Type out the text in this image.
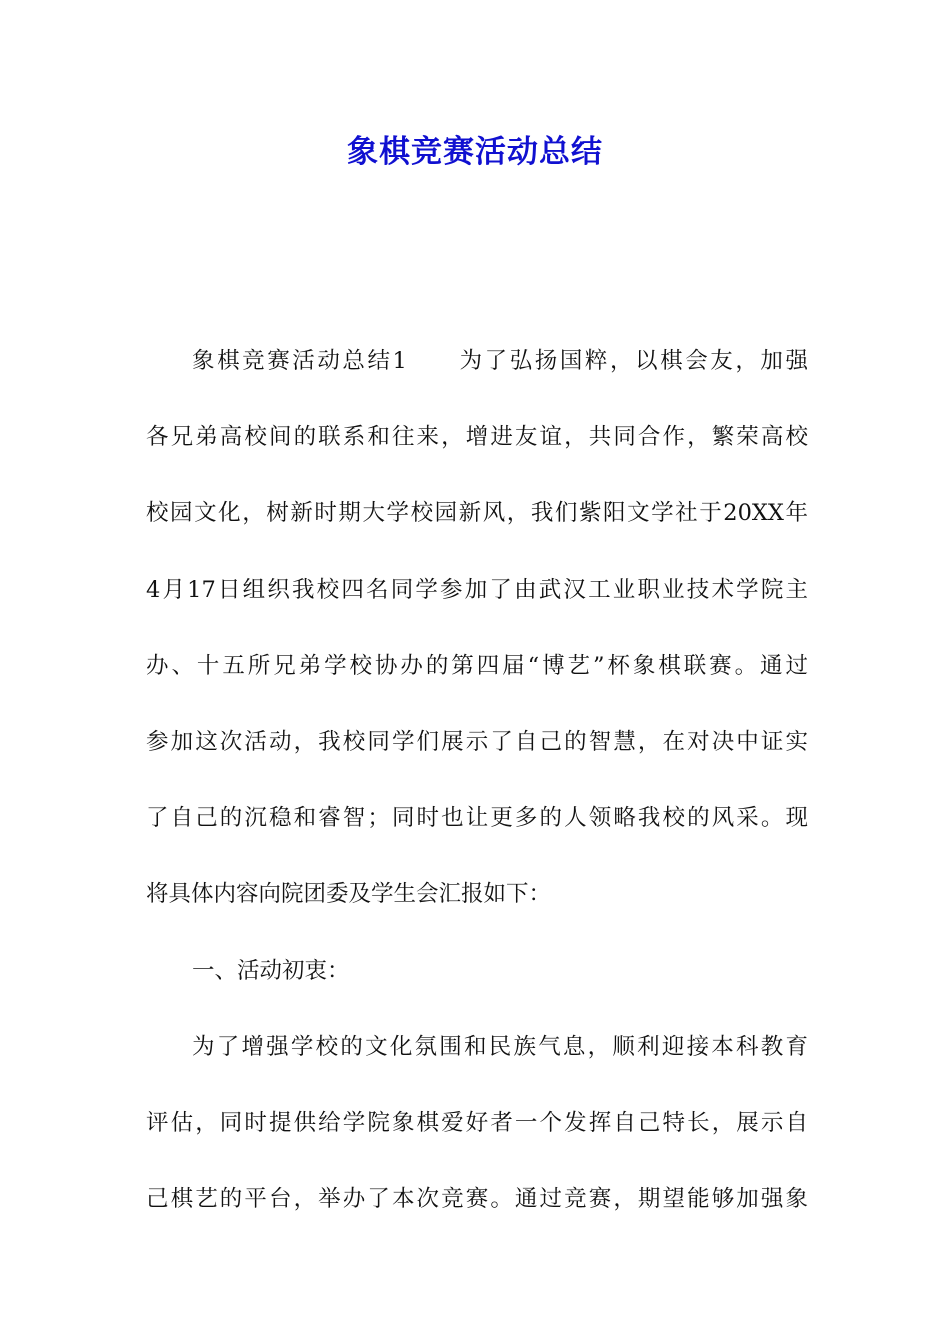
象棋竞赛活动总结
象棋竞赛活动总结1　　为了弘扬国粹，以棋会友，加强
各兄弟高校间的联系和往来，增进友谊，共同合作，繁荣高校
校园文化，树新时期大学校园新风，我们紫阳文学社于20XX年
4月17日组织我校四名同学参加了由武汉工业职业技术学院主
办、十五所兄弟学校协办的第四届“博艺”杯象棋联赛。通过
参加这次活动，我校同学们展示了自己的智慧，在对决中证实
了自己的沉稳和睿智；同时也让更多的人领略我校的风采。现
将具体内容向院团委及学生会汇报如下：
一、活动初衷：
为了增强学校的文化氛围和民族气息，顺利迎接本科教育
评估，同时提供给学院象棋爱好者一个发挥自己特长，展示自
己棋艺的平台，举办了本次竞赛。通过竞赛，期望能够加强象
